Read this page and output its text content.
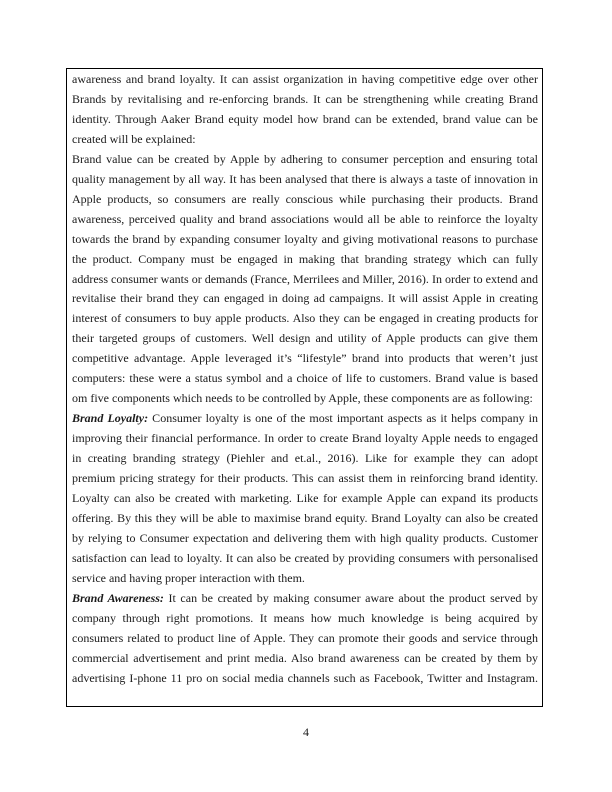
awareness and brand loyalty. It can assist organization in having competitive edge over other Brands by revitalising and re-enforcing brands. It can be strengthening while creating Brand identity. Through Aaker Brand equity model how brand can be extended, brand value can be created will be explained:

Brand value can be created by Apple by adhering to consumer perception and ensuring total quality management by all way. It has been analysed that there is always a taste of innovation in Apple products, so consumers are really conscious while purchasing their products. Brand awareness, perceived quality and brand associations would all be able to reinforce the loyalty towards the brand by expanding consumer loyalty and giving motivational reasons to purchase the product. Company must be engaged in making that branding strategy which can fully address consumer wants or demands (France, Merrilees and Miller, 2016). In order to extend and revitalise their brand they can engaged in doing ad campaigns. It will assist Apple in creating interest of consumers to buy apple products. Also they can be engaged in creating products for their targeted groups of customers. Well design and utility of Apple products can give them competitive advantage. Apple leveraged it’s “lifestyle” brand into products that weren’t just computers: these were a status symbol and a choice of life to customers. Brand value is based om five components which needs to be controlled by Apple, these components are as following:

Brand Loyalty: Consumer loyalty is one of the most important aspects as it helps company in improving their financial performance. In order to create Brand loyalty Apple needs to engaged in creating branding strategy (Piehler and et.al., 2016). Like for example they can adopt premium pricing strategy for their products. This can assist them in reinforcing brand identity. Loyalty can also be created with marketing. Like for example Apple can expand its products offering. By this they will be able to maximise brand equity. Brand Loyalty can also be created by relying to Consumer expectation and delivering them with high quality products. Customer satisfaction can lead to loyalty. It can also be created by providing consumers with personalised service and having proper interaction with them.

Brand Awareness: It can be created by making consumer aware about the product served by company through right promotions. It means how much knowledge is being acquired by consumers related to product line of Apple. They can promote their goods and service through commercial advertisement and print media. Also brand awareness can be created by them by advertising I-phone 11 pro on social media channels such as Facebook, Twitter and Instagram.

4
